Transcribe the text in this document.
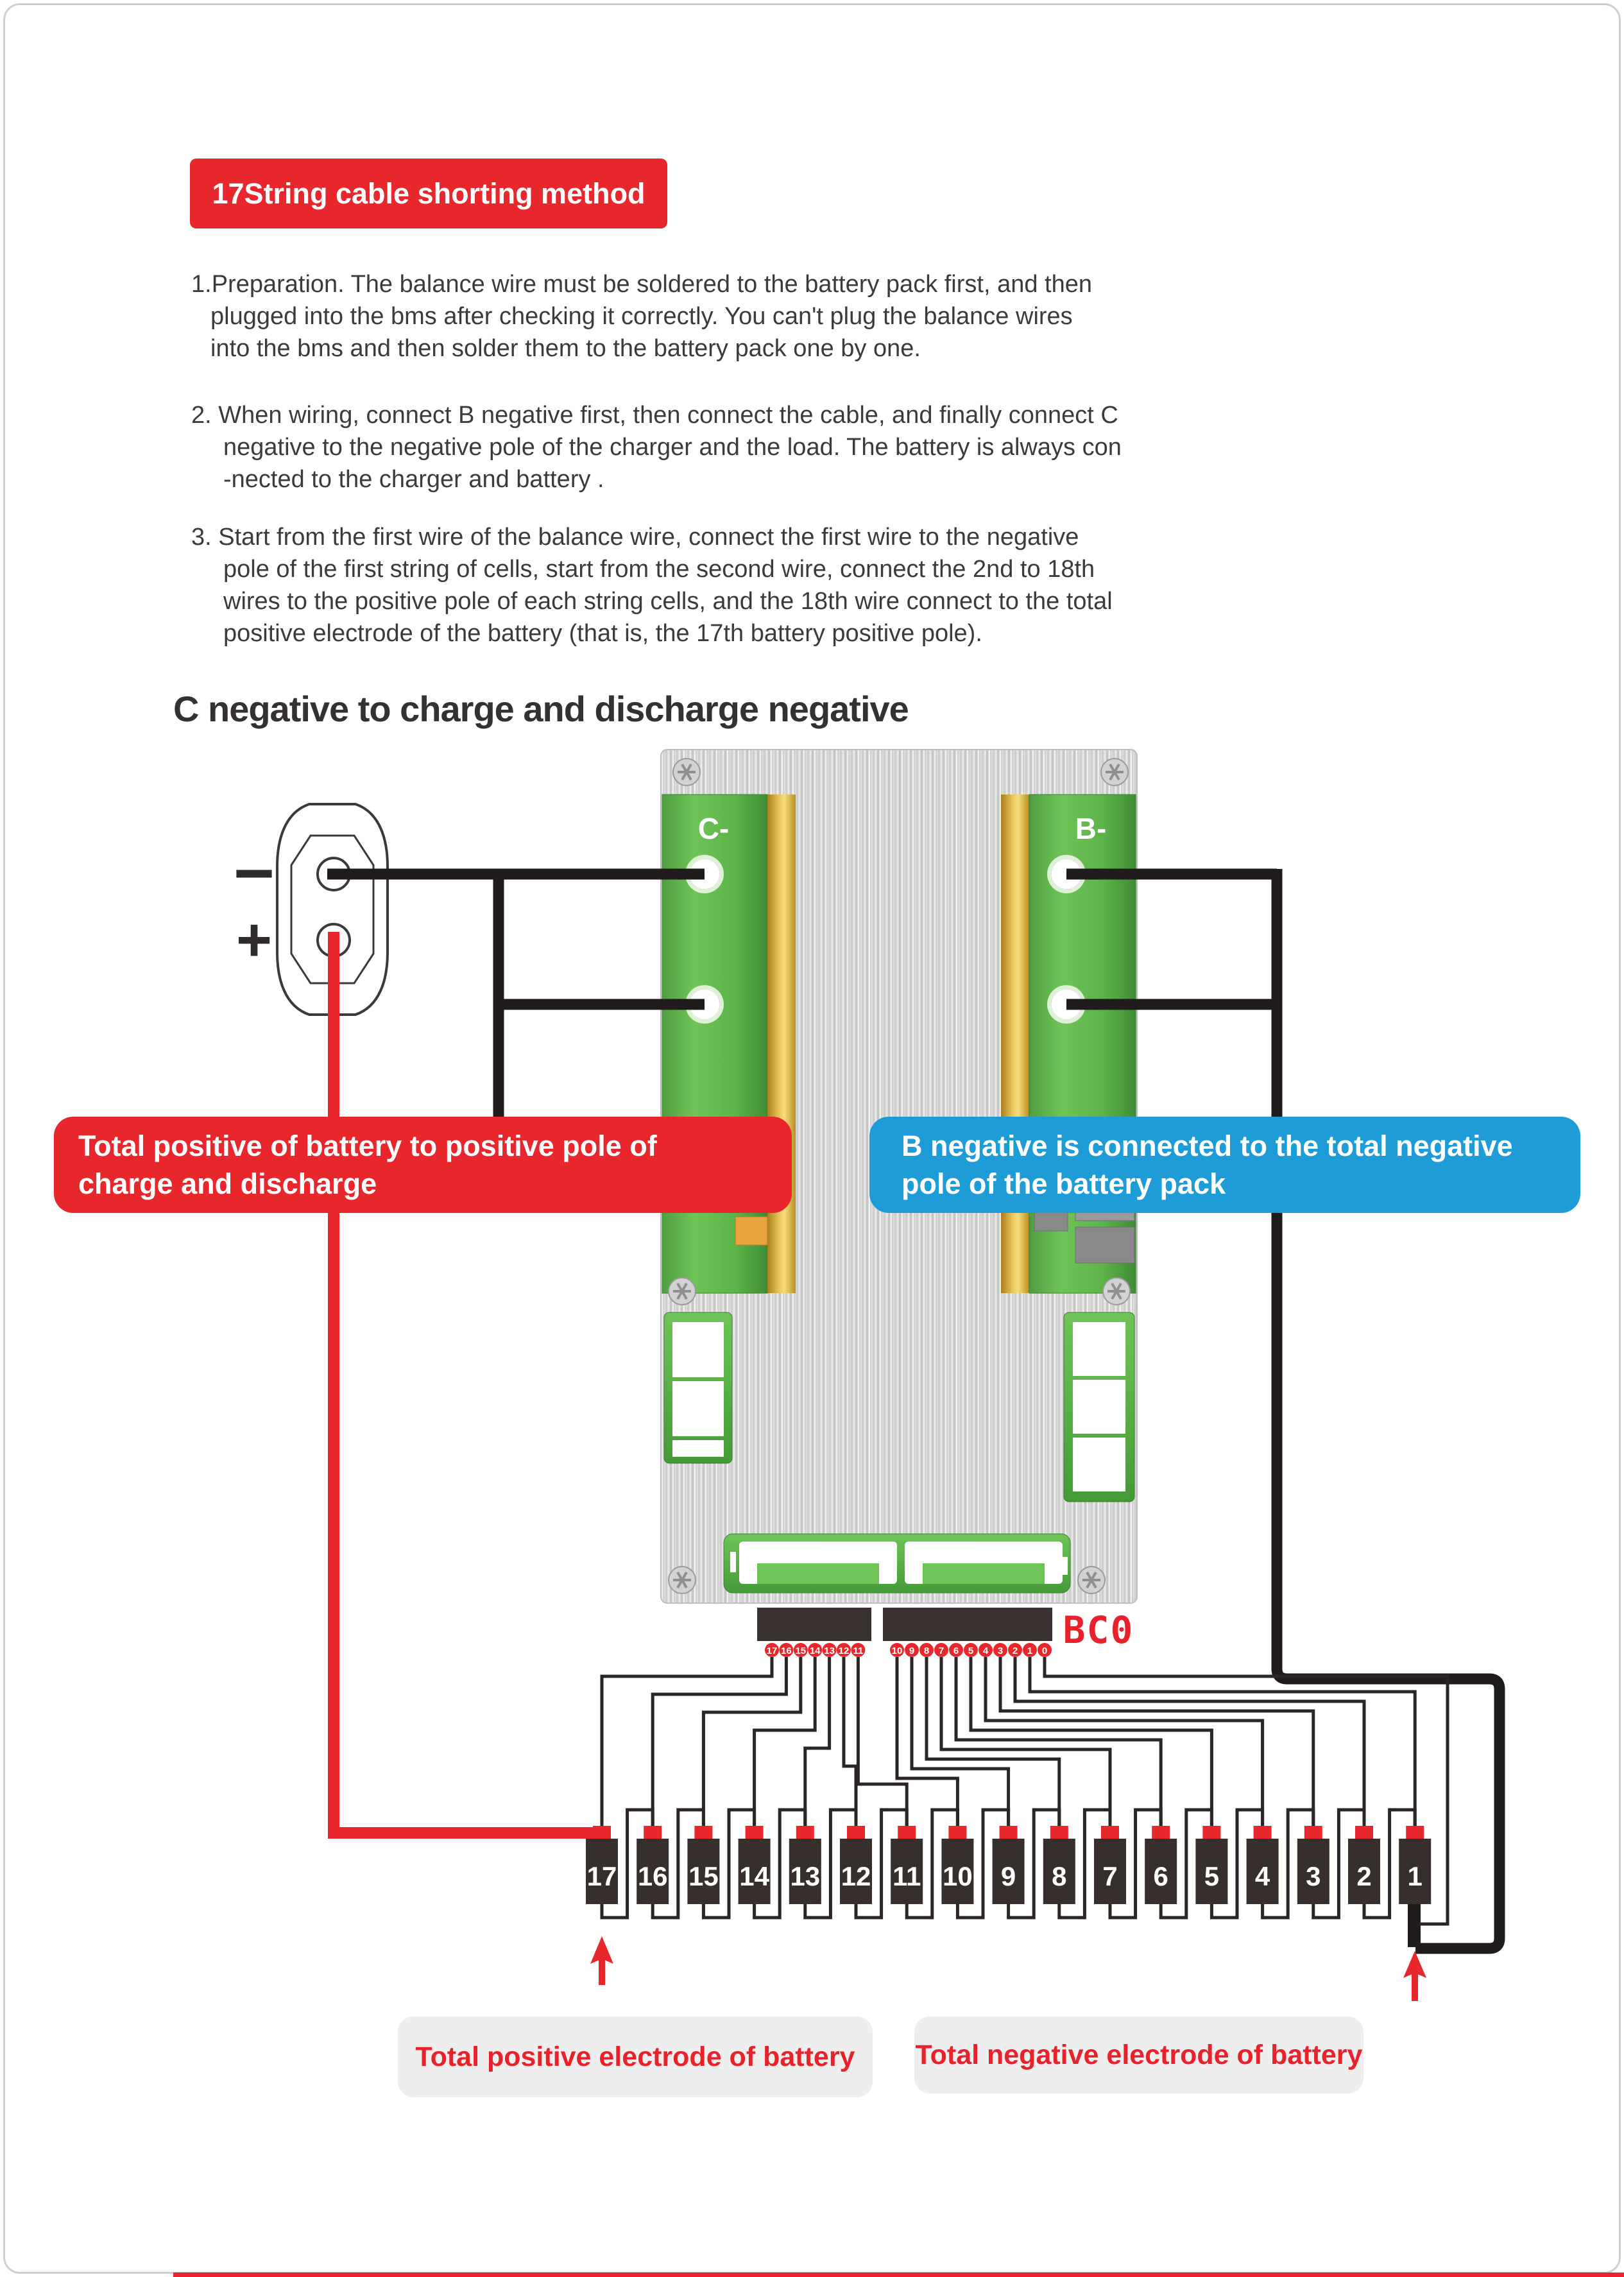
−
+
17 16 15 14 13 12 11 10 9 8 7 6 5 4 3 2 1
17 16 15 14 13 12 11	10 9 8 7 6 5 4 3 2 1 0
C-	B-
BC0
17String cable shorting method
1.Preparation. The balance wire must be soldered to the battery pack first, and then
plugged into the bms after checking it correctly. You can't plug the balance wires
into the bms and then solder them to the battery pack one by one.
2. When wiring, connect B negative first, then connect the cable, and finally connect C
negative to the negative pole of the charger and the load. The battery is always con
-nected to the charger and battery .
3. Start from the first wire of the balance wire, connect the first wire to the negative
pole of the first string of cells, start from the second wire, connect the 2nd to 18th
wires to the positive pole of each string cells, and the 18th wire connect to the total
positive electrode of the battery (that is, the 17th battery positive pole).
C negative to charge and discharge negative
Total positive of battery to positive pole of
charge and discharge
B negative is connected to the total negative
pole of the battery pack
Total positive electrode of battery	Total negative electrode of battery
